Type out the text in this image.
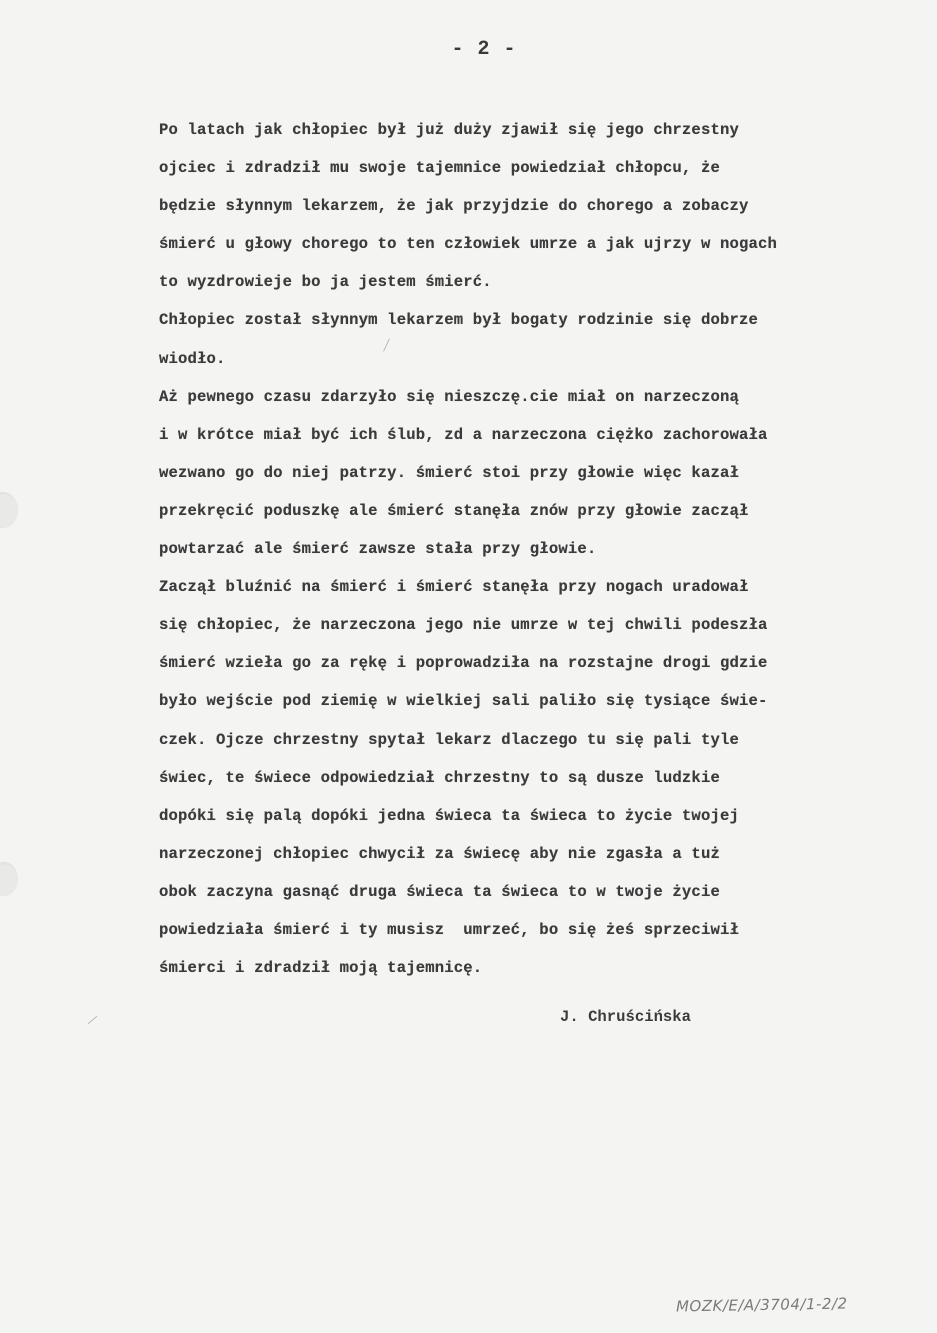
- 2 -
Po latach jak chłopiec był już duży zjawił się jego chrzestny
ojciec i zdradził mu swoje tajemnice powiedział chłopcu, że
będzie słynnym lekarzem, że jak przyjdzie do chorego a zobaczy
śmierć u głowy chorego to ten człowiek umrze a jak ujrzy w nogach
to wyzdrowieje bo ja jestem śmierć.
Chłopiec został słynnym lekarzem był bogaty rodzinie się dobrze
wiodło.
Aż pewnego czasu zdarzyło się nieszczę.cie miał on narzeczoną
i w krótce miał być ich ślub, zd a narzeczona ciężko zachorowała
wezwano go do niej patrzy. śmierć stoi przy głowie więc kazał
przekręcić poduszkę ale śmierć stanęła znów przy głowie zaczął
powtarzać ale śmierć zawsze stała przy głowie.
Zaczął bluźnić na śmierć i śmierć stanęła przy nogach uradował
się chłopiec, że narzeczona jego nie umrze w tej chwili podeszła
śmierć wzieła go za rękę i poprowadziła na rozstajne drogi gdzie
było wejście pod ziemię w wielkiej sali paliło się tysiące świe-
czek. Ojcze chrzestny spytał lekarz dlaczego tu się pali tyle
świec, te świece odpowiedział chrzestny to są dusze ludzkie
dopóki się palą dopóki jedna świeca ta świeca to życie twojej
narzeczonej chłopiec chwycił za świecę aby nie zgasła a tuż
obok zaczyna gasnąć druga świeca ta świeca to w twoje życie
powiedziała śmierć i ty musisz  umrzeć, bo się żeś sprzeciwił
śmierci i zdradził moją tajemnicę.
J. Chruścińska
MOZK/E/A/3704/1-2/2
